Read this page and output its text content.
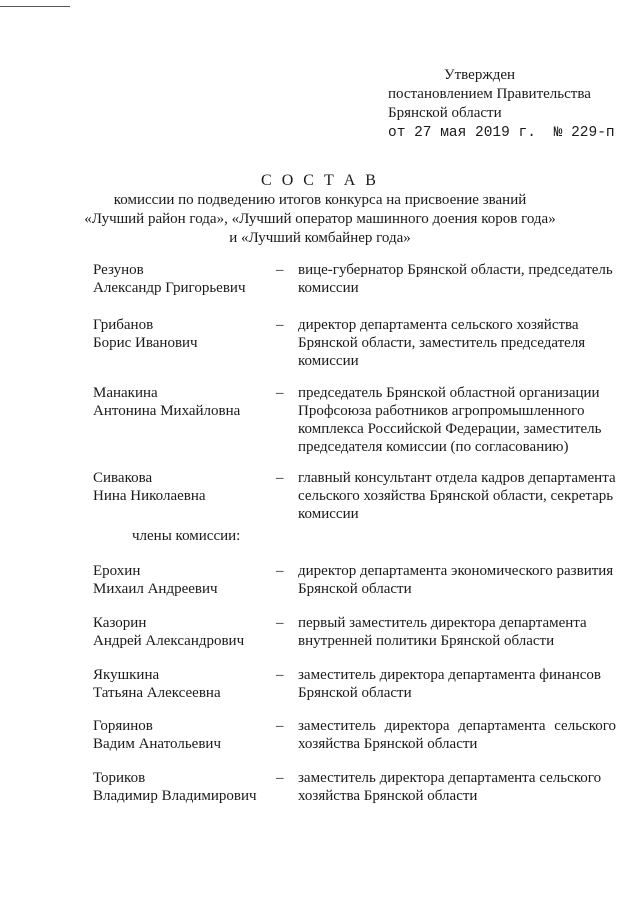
Утвержден
постановлением Правительства
Брянской области
от 27 мая 2019 г. № 229-п
С О С Т А В
комиссии по подведению итогов конкурса на присвоение званий
«Лучший район года», «Лучший оператор машинного доения коров года»
и «Лучший комбайнер года»
Резунов
Александр Григорьевич
– вице-губернатор Брянской области, председатель комиссии
Грибанов
Борис Иванович
– директор департамента сельского хозяйства Брянской области, заместитель председателя комиссии
Манакина
Антонина Михайловна
– председатель Брянской областной организации Профсоюза работников агропромышленного комплекса Российской Федерации, заместитель председателя комиссии (по согласованию)
Сивакова
Нина Николаевна
– главный консультант отдела кадров департамента сельского хозяйства Брянской области, секретарь комиссии
члены комиссии:
Ерохин
Михаил Андреевич
– директор департамента экономического развития Брянской области
Казорин
Андрей Александрович
– первый заместитель директора департамента внутренней политики Брянской области
Якушкина
Татьяна Алексеевна
– заместитель директора департамента финансов Брянской области
Горяинов
Вадим Анатольевич
– заместитель директора департамента сельского хозяйства Брянской области
Ториков
Владимир Владимирович
– заместитель директора департамента сельского хозяйства Брянской области
